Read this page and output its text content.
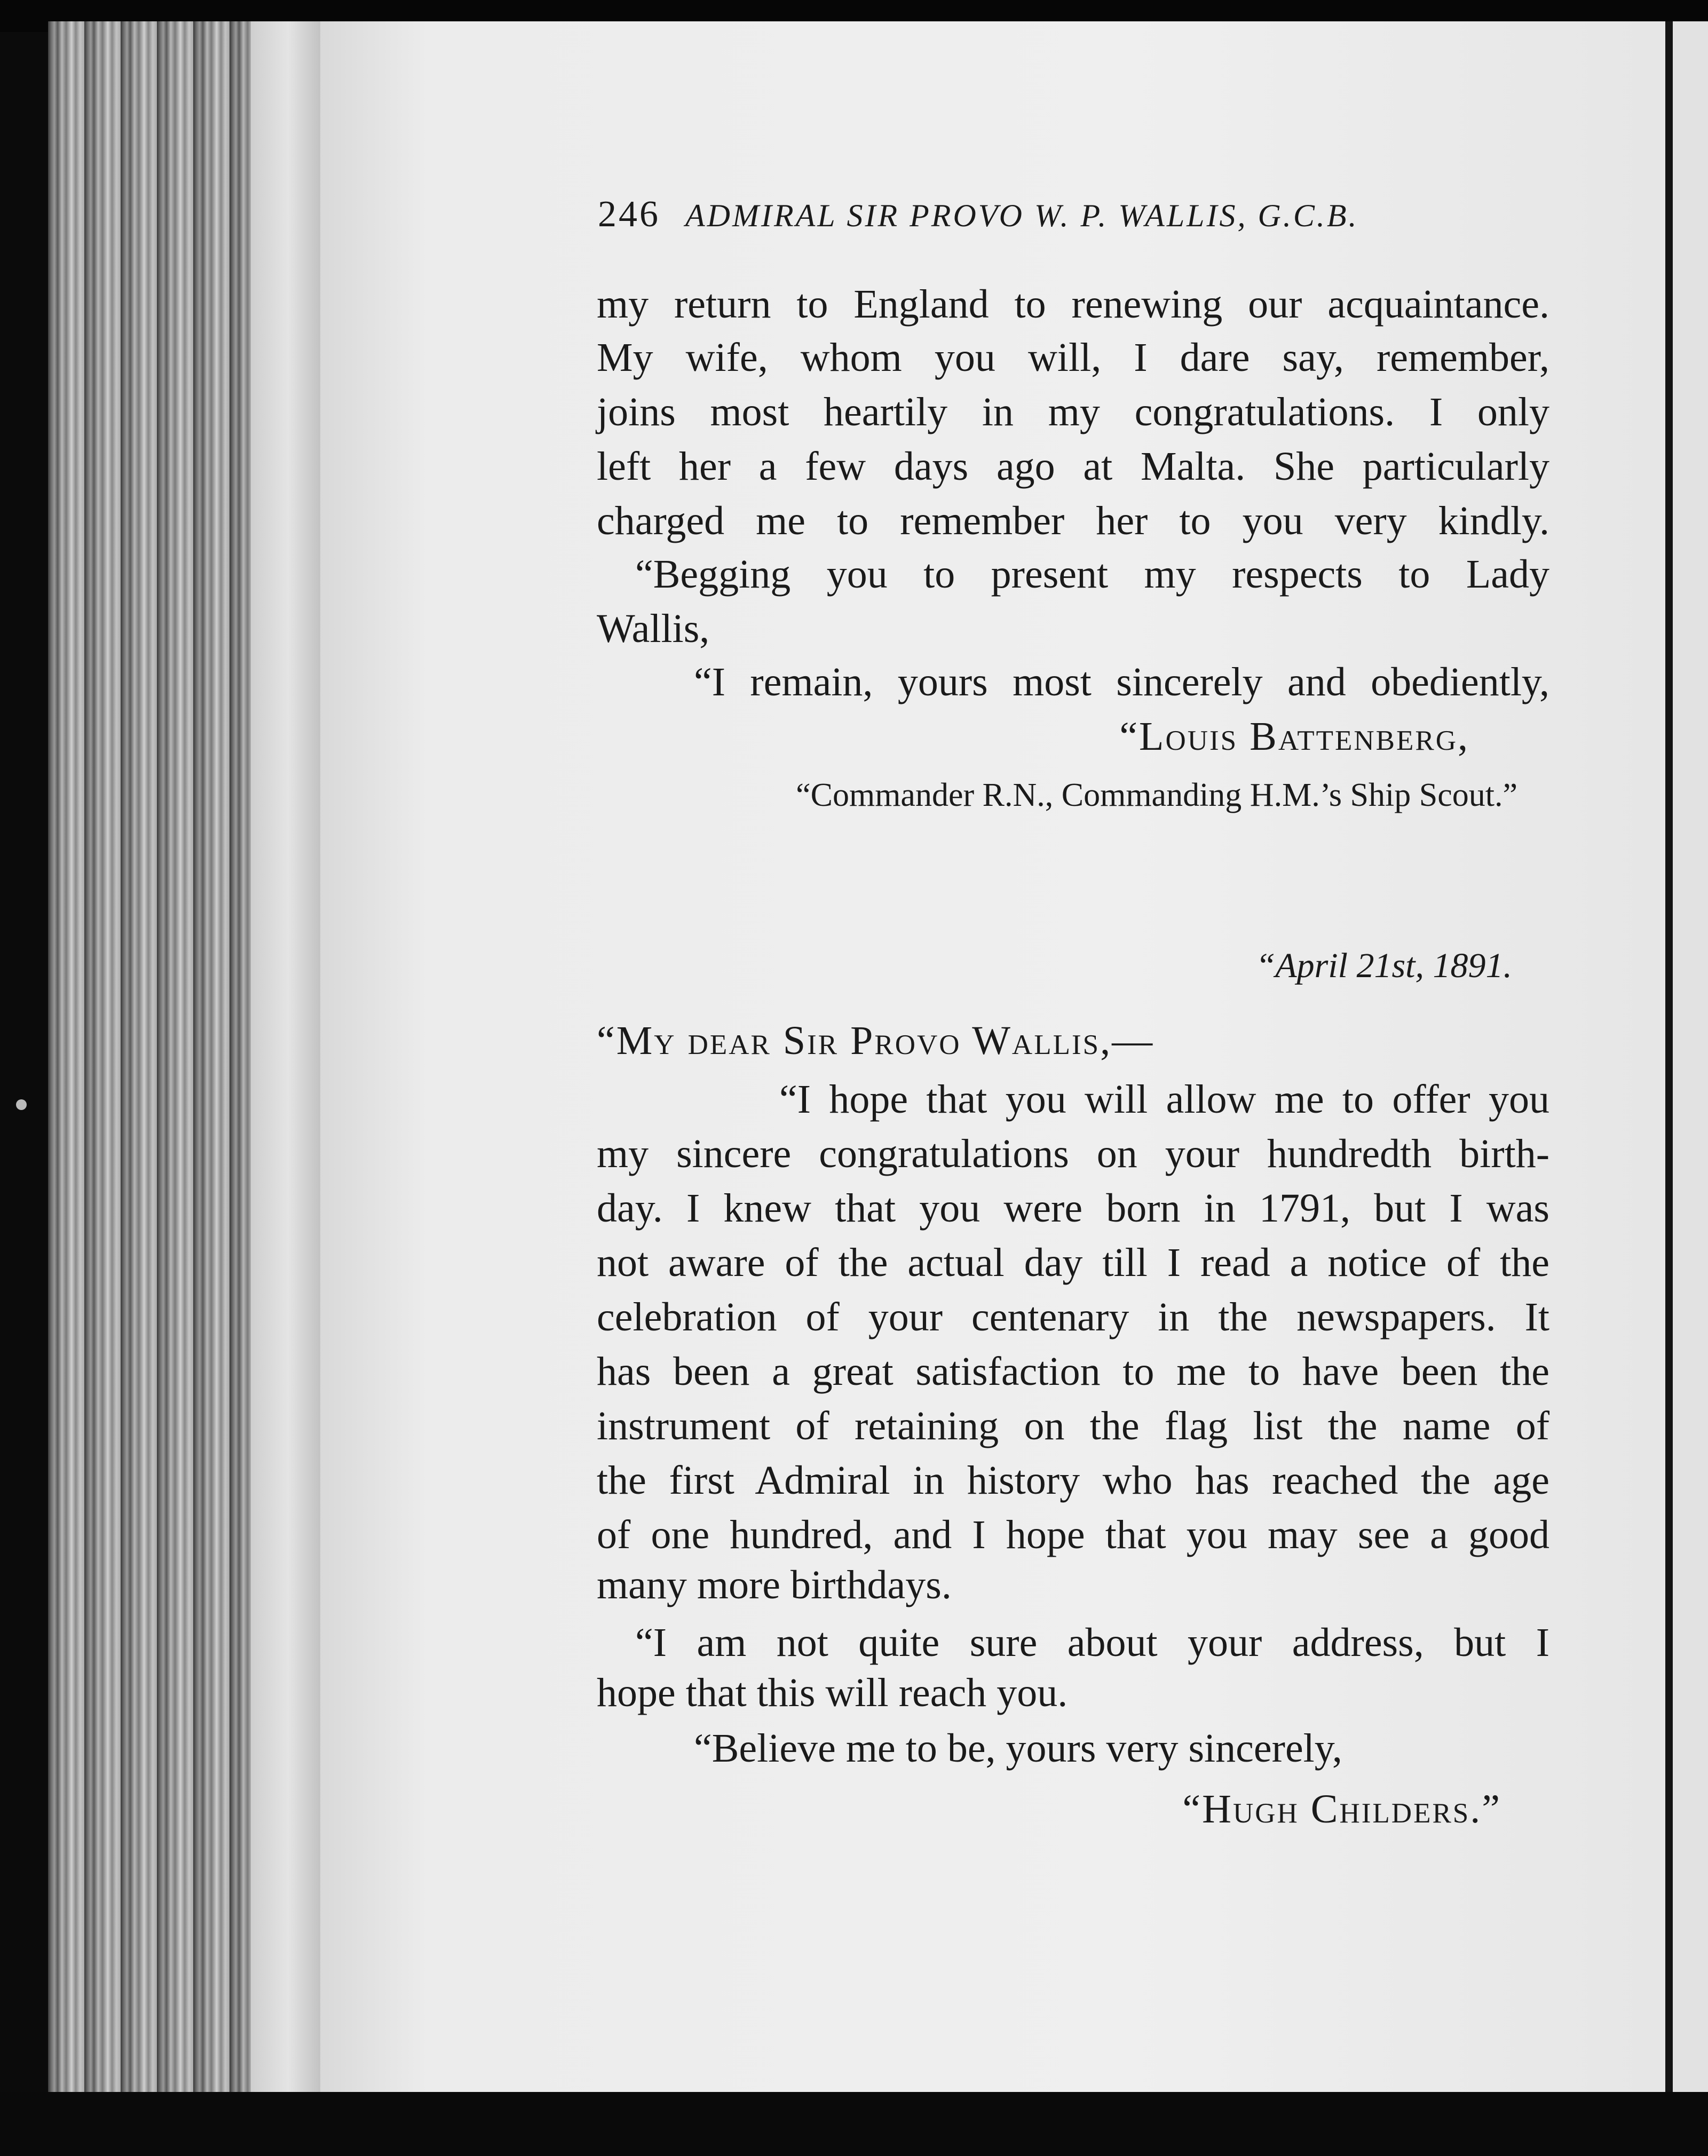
246 ADMIRAL SIR PROVO W. P. WALLIS, G.C.B.
my return to England to renewing our acquaintance.
My wife, whom you will, I dare say, remember,
joins most heartily in my congratulations. I only
left her a few days ago at Malta. She particularly
charged me to remember her to you very kindly.
“Begging you to present my respects to Lady
Wallis,
“I remain, yours most sincerely and obediently,
“Louis Battenberg,
“Commander R.N., Commanding H.M.’s Ship Scout.”
“April 21st, 1891.
“My dear Sir Provo Wallis,—
“I hope that you will allow me to offer you
my sincere congratulations on your hundredth birth-
day. I knew that you were born in 1791, but I was
not aware of the actual day till I read a notice of the
celebration of your centenary in the newspapers. It
has been a great satisfaction to me to have been the
instrument of retaining on the flag list the name of
the first Admiral in history who has reached the age
of one hundred, and I hope that you may see a good
many more birthdays.
“I am not quite sure about your address, but I
hope that this will reach you.
“Believe me to be, yours very sincerely,
“Hugh Childers.”
